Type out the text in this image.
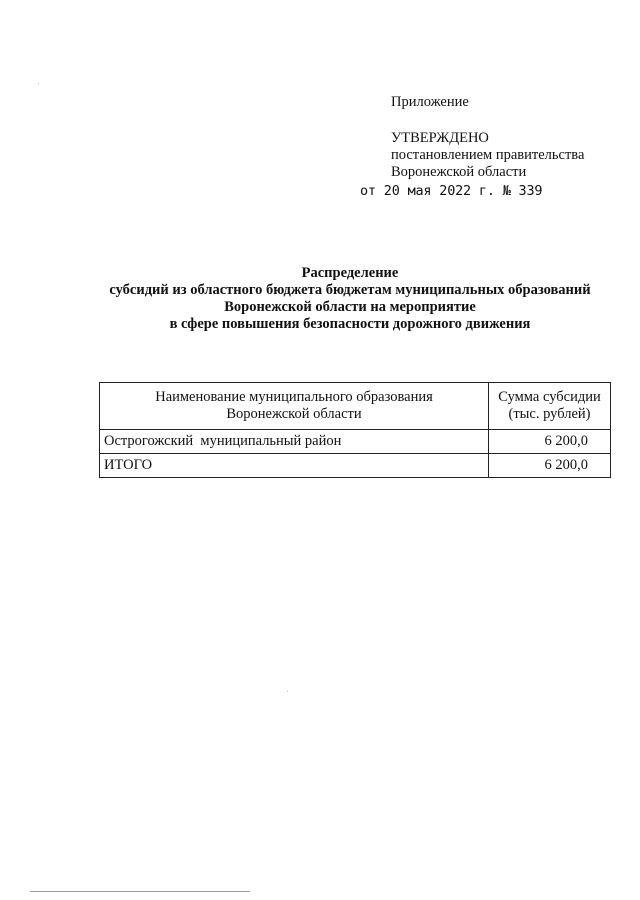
Приложение
УТВЕРЖДЕНО
постановлением правительства
Воронежской области
от 20 мая 2022 г. № 339
Распределение
субсидий из областного бюджета бюджетам муниципальных образований
Воронежской области на мероприятие
в сфере повышения безопасности дорожного движения
Наименование муниципального образования
Воронежской области	Сумма субсидии
(тыс. рублей)

Острогожский  муниципальный район	6 200,0
ИТОГО	6 200,0
